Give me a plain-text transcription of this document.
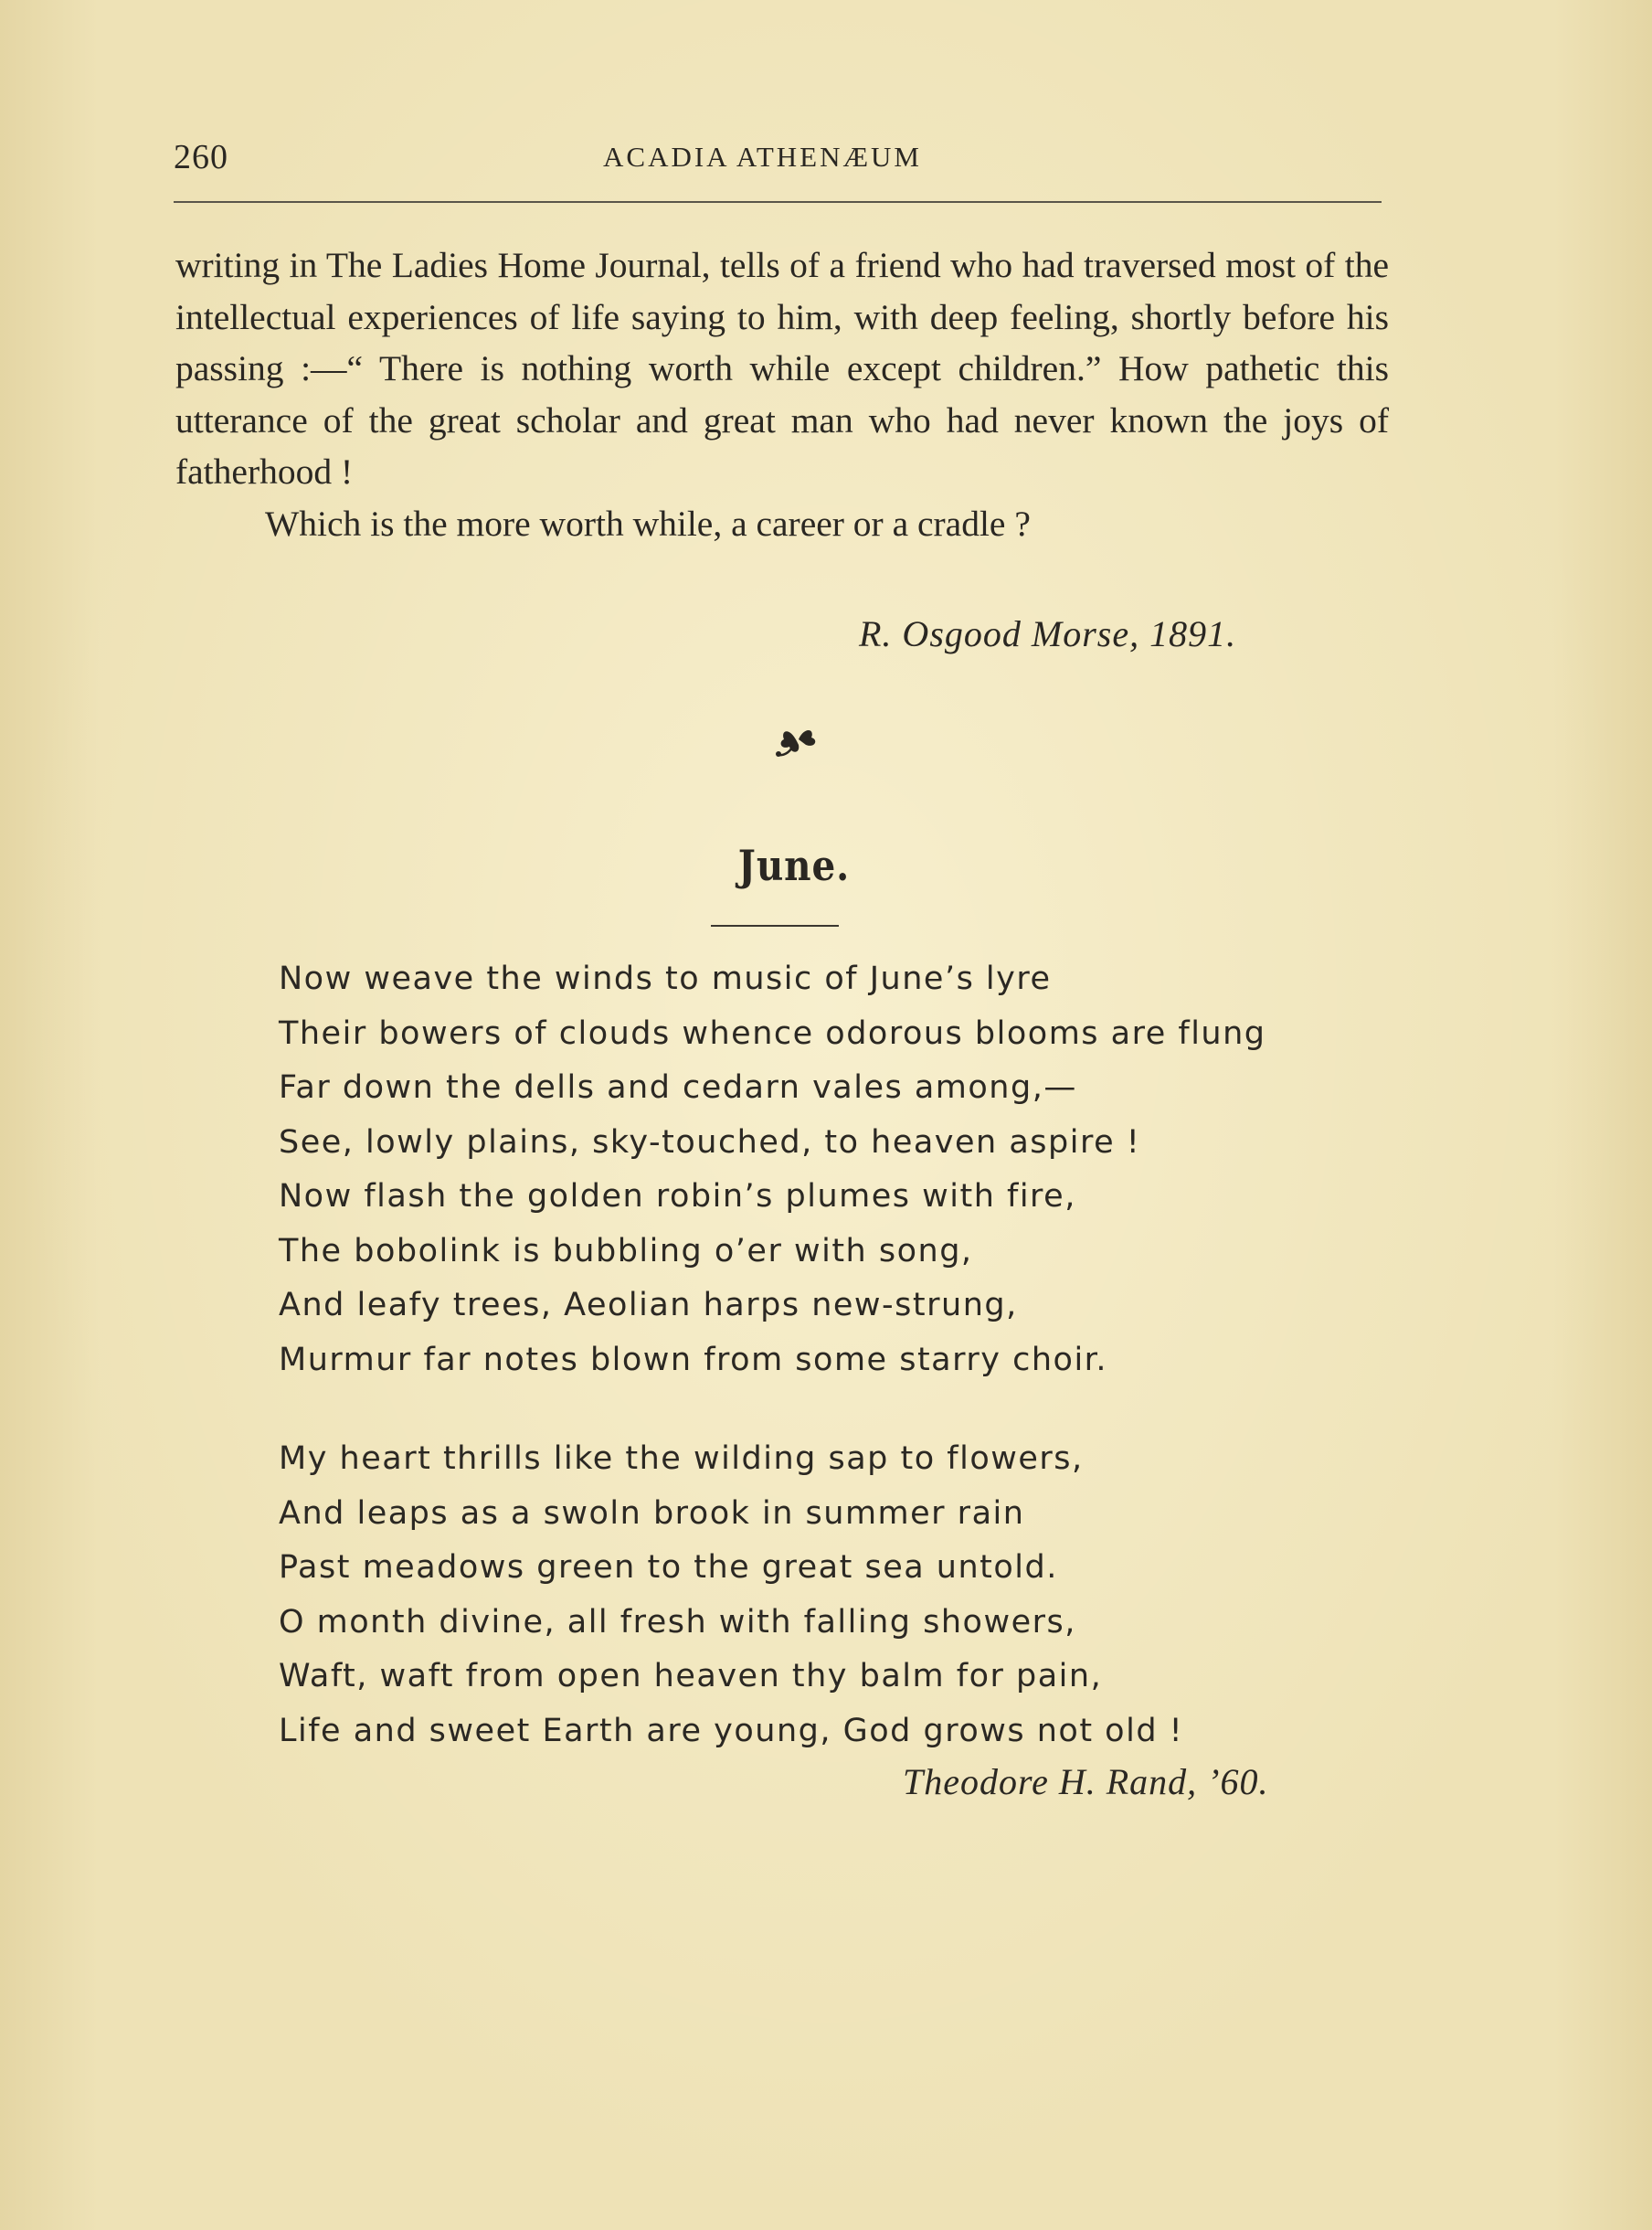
260	ACADIA ATHENÆUM

writing in The Ladies Home Journal, tells of a friend who had traversed most of the intellectual experiences of life saying to him, with deep feeling, shortly before his passing :—“ There is nothing worth while except children.” How pathetic this utterance of the great scholar and great man who had never known the joys of fatherhood !

Which is the more worth while, a career or a cradle ?

R. Osgood Morse, 1891.
June.
Now weave the winds to music of June’s lyre
Their bowers of clouds whence odorous blooms are flung
Far down the dells and cedarn vales among,—
See, lowly plains, sky-touched, to heaven aspire !
Now flash the golden robin’s plumes with fire,
The bobolink is bubbling o’er with song,
And leafy trees, Aeolian harps new-strung,
Murmur far notes blown from some starry choir.
My heart thrills like the wilding sap to flowers,
And leaps as a swoln brook in summer rain
Past meadows green to the great sea untold.
O month divine, all fresh with falling showers,
Waft, waft from open heaven thy balm for pain,
Life and sweet Earth are young, God grows not old !
Theodore H. Rand, ’60.
